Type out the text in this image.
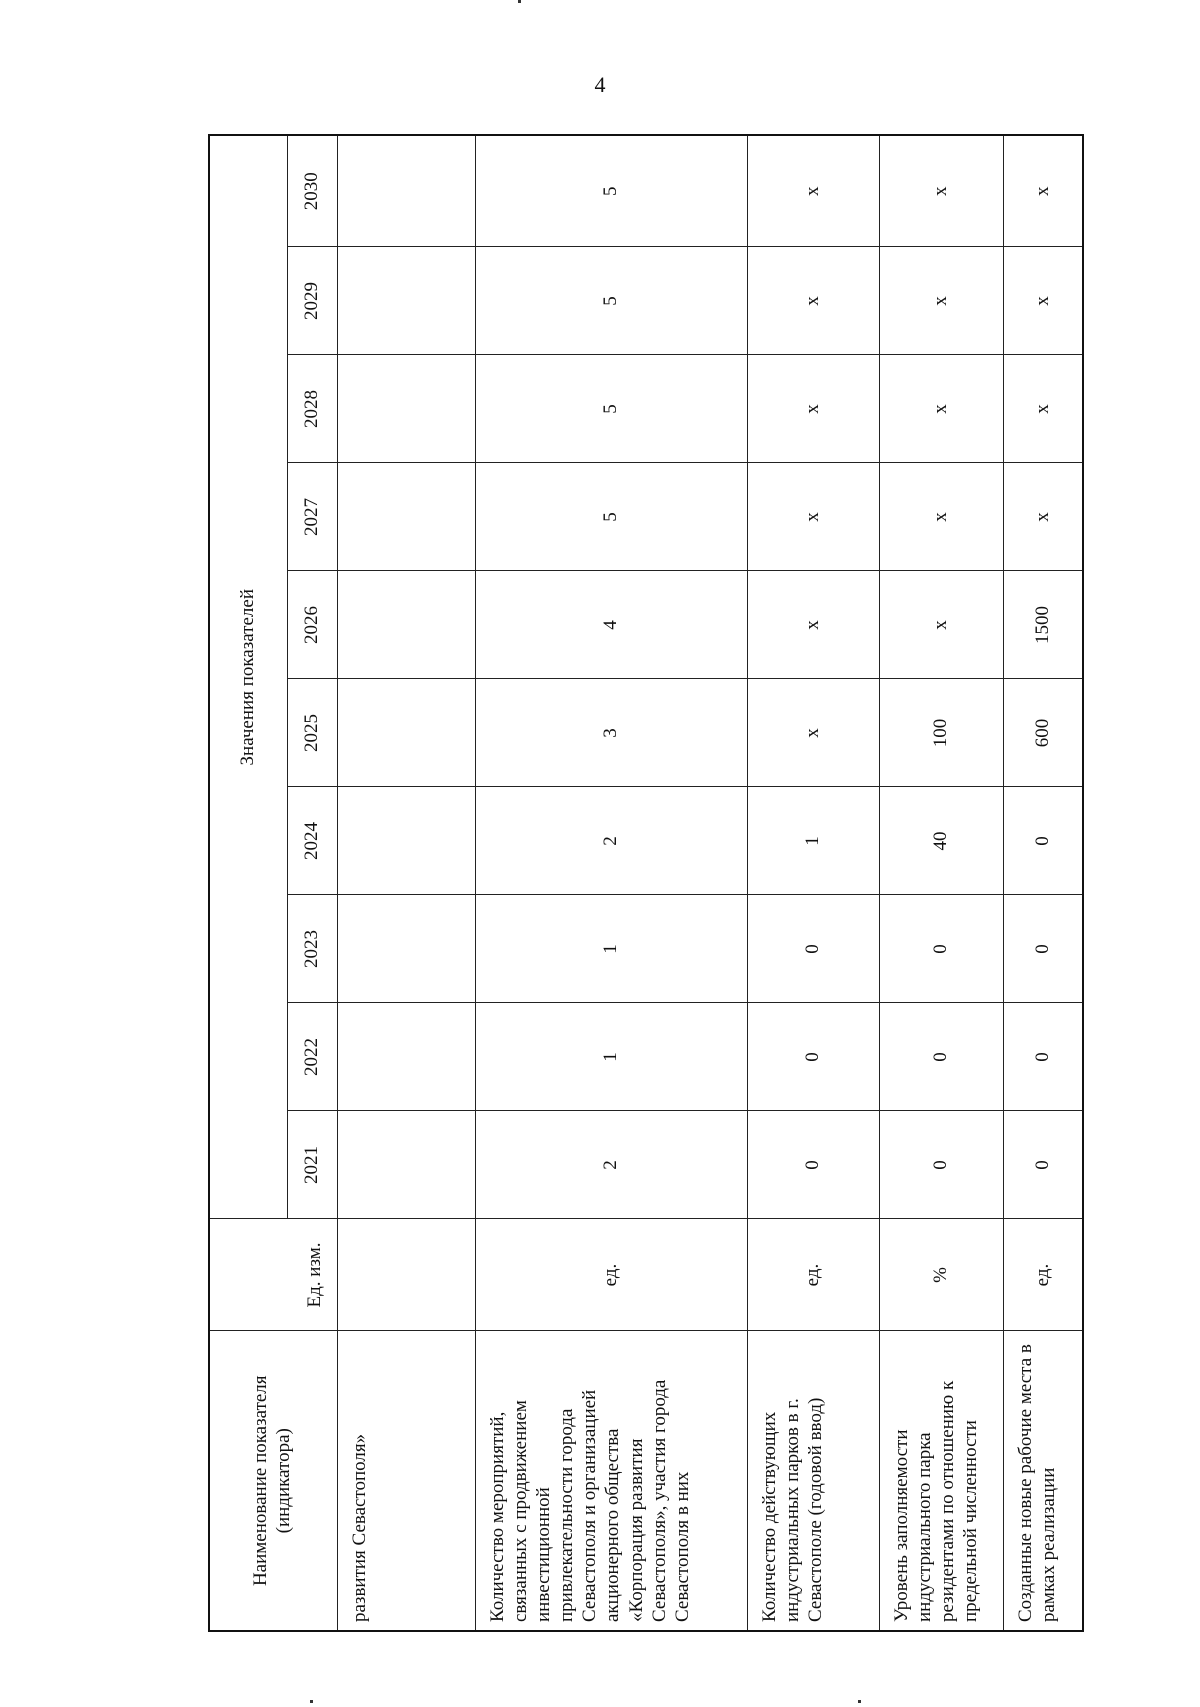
4
Наименование показателя (индикатора)	Ед. изм.	Значения показателей									
		2021	2022	2023	2024	2025	2026	2027	2028	2029	2030
развития Севастополя»											
Количество мероприятий, связанных с продвижением инвестиционной привлекательности города Севастополя и организацией акционерного общества «Корпорация развития Севастополя», участия города Севастополя в них	ед.	2	1	1	2	3	4	5	5	5	5
Количество действующих индустриальных парков в г. Севастополе (годовой ввод)	ед.	0	0	0	1	x	x	x	x	x	x
Уровень заполняемости индустриального парка резидентами по отношению к предельной численности	%	0	0	0	40	100	x	x	x	x	x
Созданные новые рабочие места в рамках реализации	ед.	0	0	0	0	600	1500	x	x	x	x
